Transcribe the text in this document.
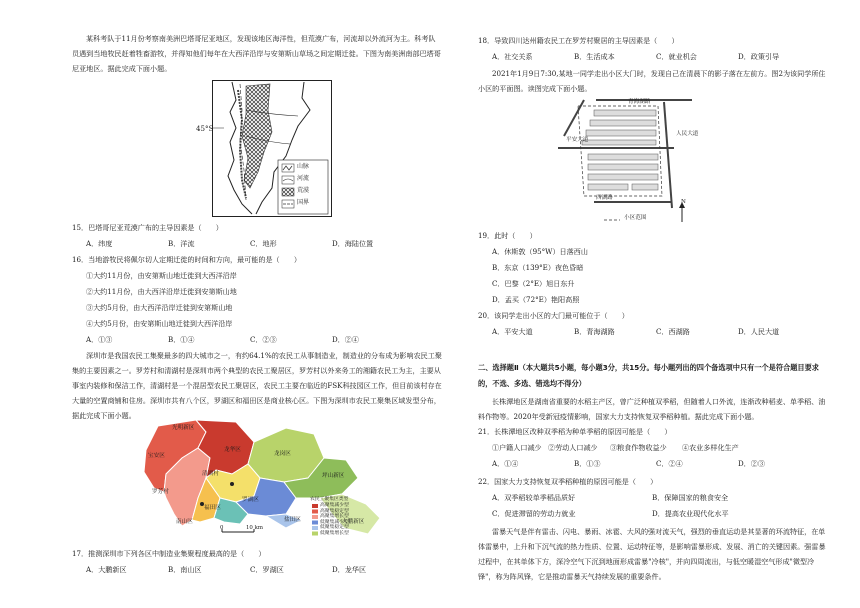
某科考队于11月份考察南美洲巴塔哥尼亚地区，发现该地区海洋性，但荒漠广布，河流却以外流河为主。科考队员遇到当地牧民赶着牲畜游牧，并得知他们每年在大西洋沿岸与安第斯山草场之间定期迁徙。下图为南美洲南部巴塔哥尼亚地区。据此完成下面小题。

45°S
山脉
河流
荒漠
国界
15．巴塔哥尼亚荒漠广布的主导因素是（　　）
A．纬度	B．洋流	C．地形	D．海陆位置
16．当地游牧民将佩尔切人定期迁徙的时间和方向，最可能的是（　　）
①大约11月份，由安第斯山地迁徙到大西洋沿岸
②大约11月份，由大西洋沿岸迁徙到安第斯山地
③大约5月份，由大西洋沿岸迁徙到安第斯山地
④大约5月份，由安第斯山地迁徙到大西洋沿岸
A．①③	B．①④	C．②③	D．②④

深圳市是我国农民工集聚最多的四大城市之一，有约64.1%的农民工从事制造业，制造业的分布成为影响农民工聚集的主要因素之一。罗芳村和清湖村是深圳市两个典型的农民工聚居区，罗芳村以外来务工的湘籍农民工为主，主要从事室内装修和保洁工作，清湖村是一个混居型农民工聚居区，农民工主要在临近的FSK科技园区工作，但目前该村存在大量的空置商铺和住房。深圳市共有八个区，罗湖区和福田区是商业核心区。下图为深圳市农民工聚集区域发型分布，据此完成下面小题。

光明新区
宝安区
龙华区
龙岗区
清湖村	坪山新区
罗芳村
福田区
罗湖区
南山区	盐田区	大鹏新区
农民工聚集区类型
高聚集减少型
高聚集稳定型
高聚集增长型
低聚集减少型
低聚集稳定型
低聚集增长型
0	10 km
17．推测深圳市下列各区中制造业集聚程度最高的是（　　）
A．大鹏新区	B．南山区	C．罗湖区	D．龙华区
18．导致四川达州籍农民工在罗芳村聚居的主导因素是（　　）
A．社交关系	B．生活成本	C．就业机会	D．政策引导

2021年1月9日7:30,某地一同学走出小区大门时，发现自己在清晨下的影子落在左前方。图2为该同学所住小区的平面图。读图完成下面小题。

青海湖路
平安大道
人民大道
西湖路
小区范围
N
19．此时（　　）
A．休斯敦（95°W）日落西山
B．东京（139°E）夜色昏暗
C．巴黎（2°E）旭日东升
D．孟买（72°E）艳阳高照
20．该同学走出小区的大门最可能位于（　　）
A．平安大道	B．青海湖路	C．西湖路	D．人民大道
二、选择题Ⅱ（本大题共5小题，每小题3分，共15分。每小题列出的四个备选项中只有一个是符合题目要求的，不选、多选、错选均不得分）

长株潭地区是湖南省重要的水稻主产区，曾广泛种植双季稻，但随着人口外流，连渐改种稻麦、单季稻、油料作物等。2020年受新冠疫情影响，国家大力支持恢复双季稻种植。据此完成下面小题。

21．长株潭地区改种双季稻为种单季稻的原因可能是（　　）
①户籍人口减少 ②劳动人口减少	③粮食作物收益少	④农业多样化生产
A．①④	B．①③	C．②④	D．②③
22．国家大力支持恢复双季稻种植的原因可能是（　　）
A．双季稻较单季稻品质好	B．保障国家的粮食安全
C．促进滞留的劳动力就业	D．提高农业现代化水平

雷暴天气是伴有雷击、闪电、暴雨、冰雹、大风的强对流天气，强烈的垂直运动是其显著的环流特征，在单体雷暴中，上升和下沉气流的热力性质、位置、运动特征等，是影响雷暴形成、发展、消亡的关键因素。强雷暴过程中，在其单体下方，深冷空气下沉到地面形成雷暴"冷核"，并向四周流出，与低空暖湿空气形成"微型冷锋"，称为阵风锋，它是推动雷暴天气持续发展的重要条件。
